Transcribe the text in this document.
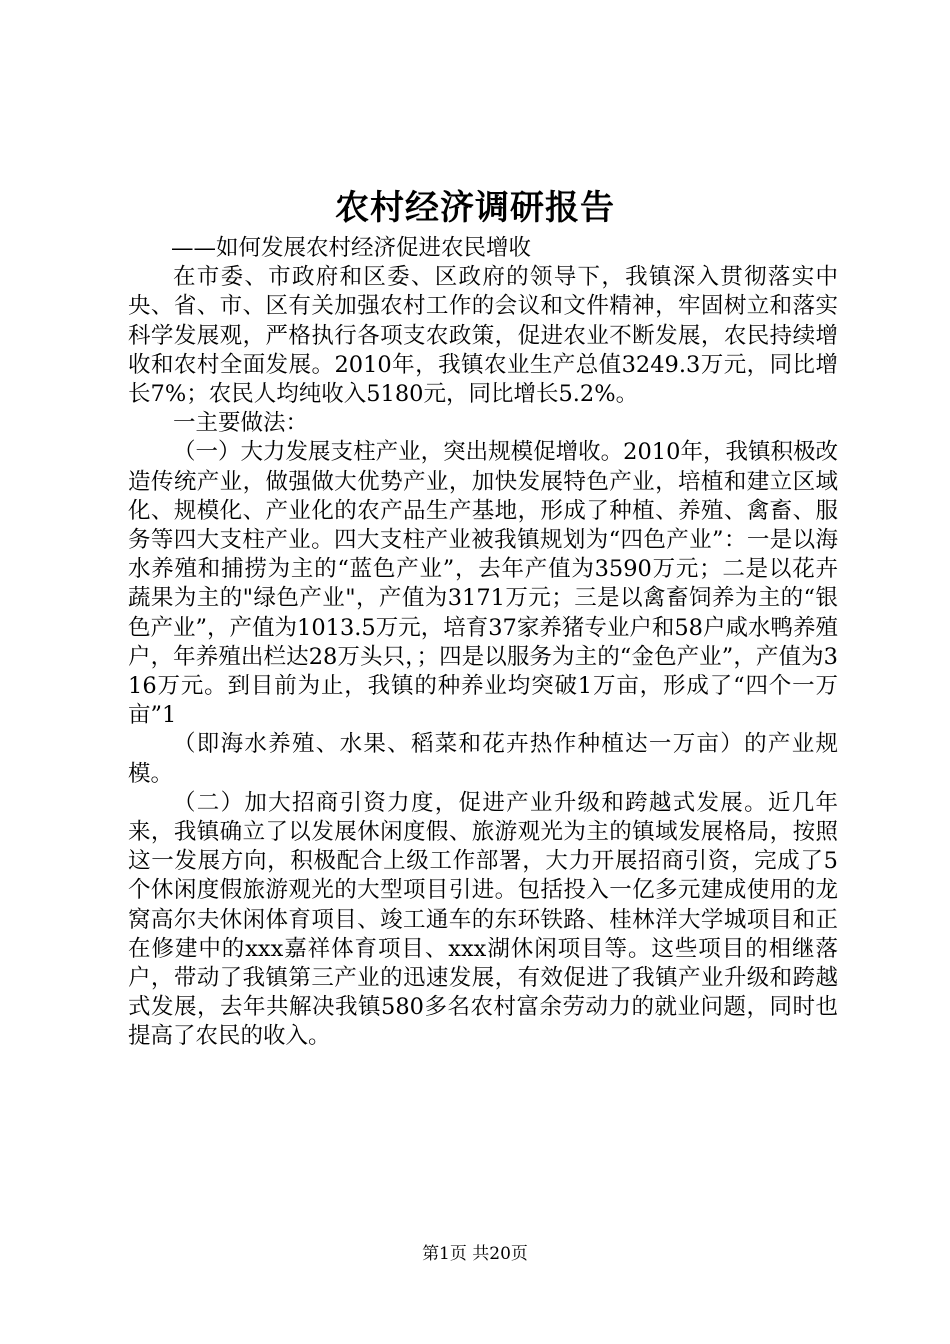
农村经济调研报告

——如何发展农村经济促进农民增收

在市委、市政府和区委、区政府的领导下，我镇深入贯彻落实中央、省、市、区有关加强农村工作的会议和文件精神，牢固树立和落实科学发展观，严格执行各项支农政策，促进农业不断发展，农民持续增收和农村全面发展。2010年，我镇农业生产总值3249.3万元，同比增长7%；农民人均纯收入5180元，同比增长5.2%。

一主要做法：

（一）大力发展支柱产业，突出规模促增收。2010年，我镇积极改造传统产业，做强做大优势产业，加快发展特色产业，培植和建立区域化、规模化、产业化的农产品生产基地，形成了种植、养殖、禽畜、服务等四大支柱产业。四大支柱产业被我镇规划为“四色产业”：一是以海水养殖和捕捞为主的“蓝色产业”，去年产值为3590万元；二是以花卉蔬果为主的"绿色产业"，产值为3171万元；三是以禽畜饲养为主的“银色产业”，产值为1013.5万元，培育37家养猪专业户和58户咸水鸭养殖户，年养殖出栏达28万头只，；四是以服务为主的“金色产业”，产值为316万元。到目前为止，我镇的种养业均突破1万亩，形成了“四个一万亩”1

（即海水养殖、水果、稻菜和花卉热作种植达一万亩）的产业规模。

（二）加大招商引资力度，促进产业升级和跨越式发展。近几年来，我镇确立了以发展休闲度假、旅游观光为主的镇域发展格局，按照这一发展方向，积极配合上级工作部署，大力开展招商引资，完成了5个休闲度假旅游观光的大型项目引进。包括投入一亿多元建成使用的龙窝高尔夫休闲体育项目、竣工通车的东环铁路、桂林洋大学城项目和正在修建中的xxx嘉祥体育项目、xxx湖休闲项目等。这些项目的相继落户，带动了我镇第三产业的迅速发展，有效促进了我镇产业升级和跨越式发展，去年共解决我镇580多名农村富余劳动力的就业问题，同时也提高了农民的收入。

第1页 共20页
